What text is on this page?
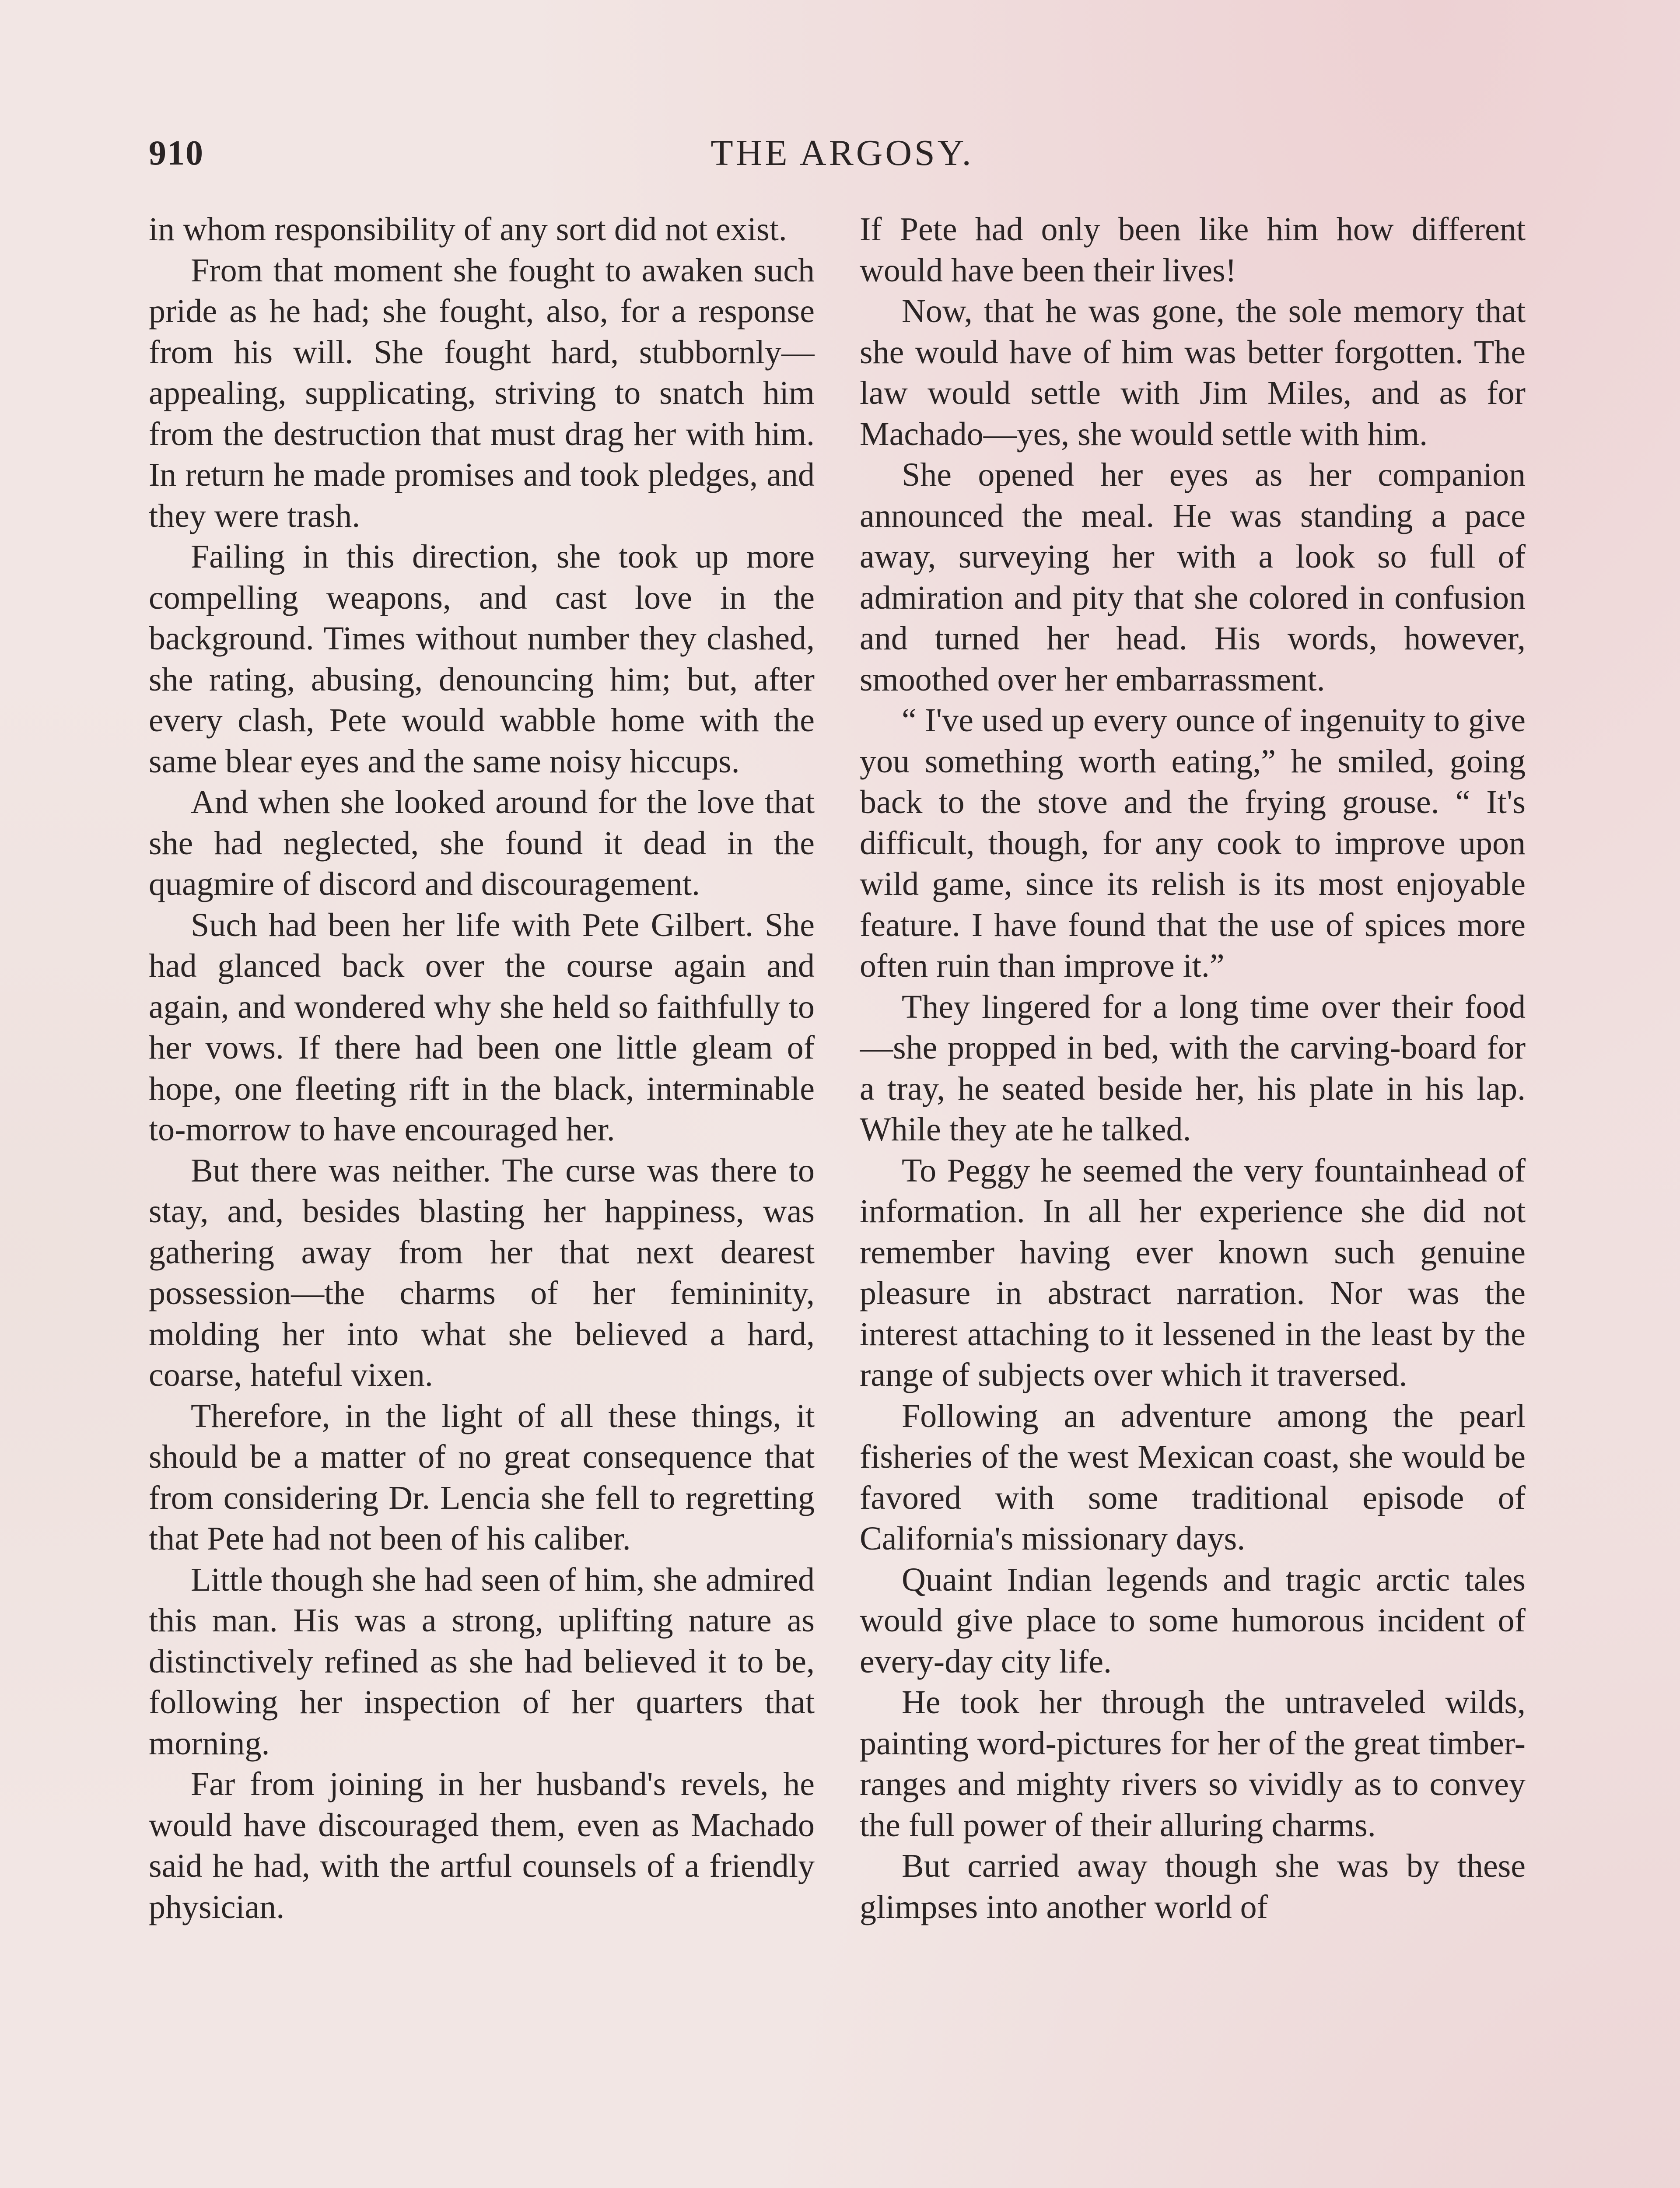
910	THE ARGOSY.

in whom responsibility of any sort did not exist.

From that moment she fought to awaken such pride as he had; she fought, also, for a response from his will. She fought hard, stubbornly—appealing, supplicating, striving to snatch him from the destruction that must drag her with him. In return he made promises and took pledges, and they were trash.

Failing in this direction, she took up more compelling weapons, and cast love in the background. Times without number they clashed, she rating, abusing, denouncing him; but, after every clash, Pete would wabble home with the same blear eyes and the same noisy hiccups.

And when she looked around for the love that she had neglected, she found it dead in the quagmire of discord and discouragement.

Such had been her life with Pete Gilbert. She had glanced back over the course again and again, and wondered why she held so faithfully to her vows. If there had been one little gleam of hope, one fleeting rift in the black, interminable to-morrow to have encouraged her.

But there was neither. The curse was there to stay, and, besides blasting her happiness, was gathering away from her that next dearest possession—the charms of her femininity, molding her into what she believed a hard, coarse, hateful vixen.

Therefore, in the light of all these things, it should be a matter of no great consequence that from considering Dr. Lencia she fell to regretting that Pete had not been of his caliber.

Little though she had seen of him, she admired this man. His was a strong, uplifting nature as distinctively refined as she had believed it to be, following her inspection of her quarters that morning.

Far from joining in her husband's revels, he would have discouraged them, even as Machado said he had, with the artful counsels of a friendly physician.

If Pete had only been like him how different would have been their lives!

Now, that he was gone, the sole memory that she would have of him was better forgotten. The law would settle with Jim Miles, and as for Machado—yes, she would settle with him.

She opened her eyes as her companion announced the meal. He was standing a pace away, surveying her with a look so full of admiration and pity that she colored in confusion and turned her head. His words, however, smoothed over her embarrassment.

“ I've used up every ounce of ingenuity to give you something worth eating,” he smiled, going back to the stove and the frying grouse. “ It's difficult, though, for any cook to improve upon wild game, since its relish is its most enjoyable feature. I have found that the use of spices more often ruin than improve it.”

They lingered for a long time over their food—she propped in bed, with the carving-board for a tray, he seated beside her, his plate in his lap. While they ate he talked.

To Peggy he seemed the very fountainhead of information. In all her experience she did not remember having ever known such genuine pleasure in abstract narration. Nor was the interest attaching to it lessened in the least by the range of subjects over which it traversed.

Following an adventure among the pearl fisheries of the west Mexican coast, she would be favored with some traditional episode of California's missionary days.

Quaint Indian legends and tragic arctic tales would give place to some humorous incident of every-day city life.

He took her through the untraveled wilds, painting word-pictures for her of the great timber-ranges and mighty rivers so vividly as to convey the full power of their alluring charms.

But carried away though she was by these glimpses into another world of
